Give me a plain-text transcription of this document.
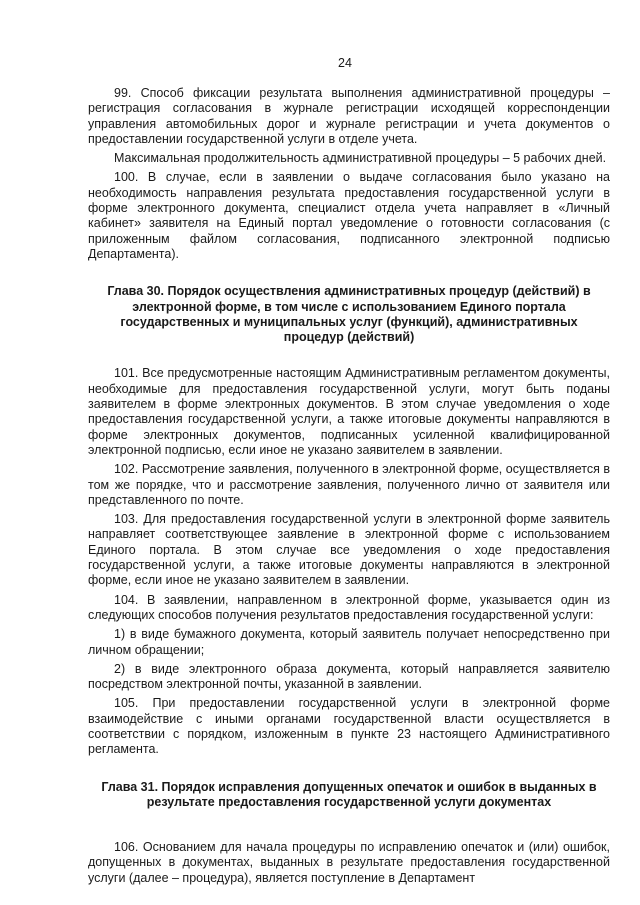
24

99. Способ фиксации результата выполнения административной процедуры – регистрация согласования в журнале регистрации исходящей корреспонденции управления автомобильных дорог и журнале регистрации и учета документов о предоставлении государственной услуги в отделе учета.

Максимальная продолжительность административной процедуры – 5 рабочих дней.

100. В случае, если в заявлении о выдаче согласования было указано на необходимость направления результата предоставления государственной услуги в форме электронного документа, специалист отдела учета направляет в «Личный кабинет» заявителя на Единый портал уведомление о готовности согласования (с приложенным файлом согласования, подписанного электронной подписью Департамента).

Глава 30. Порядок осуществления административных процедур (действий) в электронной форме, в том числе с использованием Единого портала государственных и муниципальных услуг (функций), административных процедур (действий)

101. Все предусмотренные настоящим Административным регламентом документы, необходимые для предоставления государственной услуги, могут быть поданы заявителем в форме электронных документов. В этом случае уведомления о ходе предоставления государственной услуги, а также итоговые документы направляются в форме электронных документов, подписанных усиленной квалифицированной электронной подписью, если иное не указано заявителем в заявлении.

102. Рассмотрение заявления, полученного в электронной форме, осуществляется в том же порядке, что и рассмотрение заявления, полученного лично от заявителя или представленного по почте.

103. Для предоставления государственной услуги в электронной форме заявитель направляет соответствующее заявление в электронной форме с использованием Единого портала. В этом случае все уведомления о ходе предоставления государственной услуги, а также итоговые документы направляются в электронной форме, если иное не указано заявителем в заявлении.

104. В заявлении, направленном в электронной форме, указывается один из следующих способов получения результатов предоставления государственной услуги:

1) в виде бумажного документа, который заявитель получает непосредственно при личном обращении;

2) в виде электронного образа документа, который направляется заявителю посредством электронной почты, указанной в заявлении.

105. При предоставлении государственной услуги в электронной форме взаимодействие с иными органами государственной власти осуществляется в соответствии с порядком, изложенным в пункте 23 настоящего Административного регламента.

Глава 31. Порядок исправления допущенных опечаток и ошибок в выданных в результате предоставления государственной услуги документах

106. Основанием для начала процедуры по исправлению опечаток и (или) ошибок, допущенных в документах, выданных в результате предоставления государственной услуги (далее – процедура), является поступление в Департамент
